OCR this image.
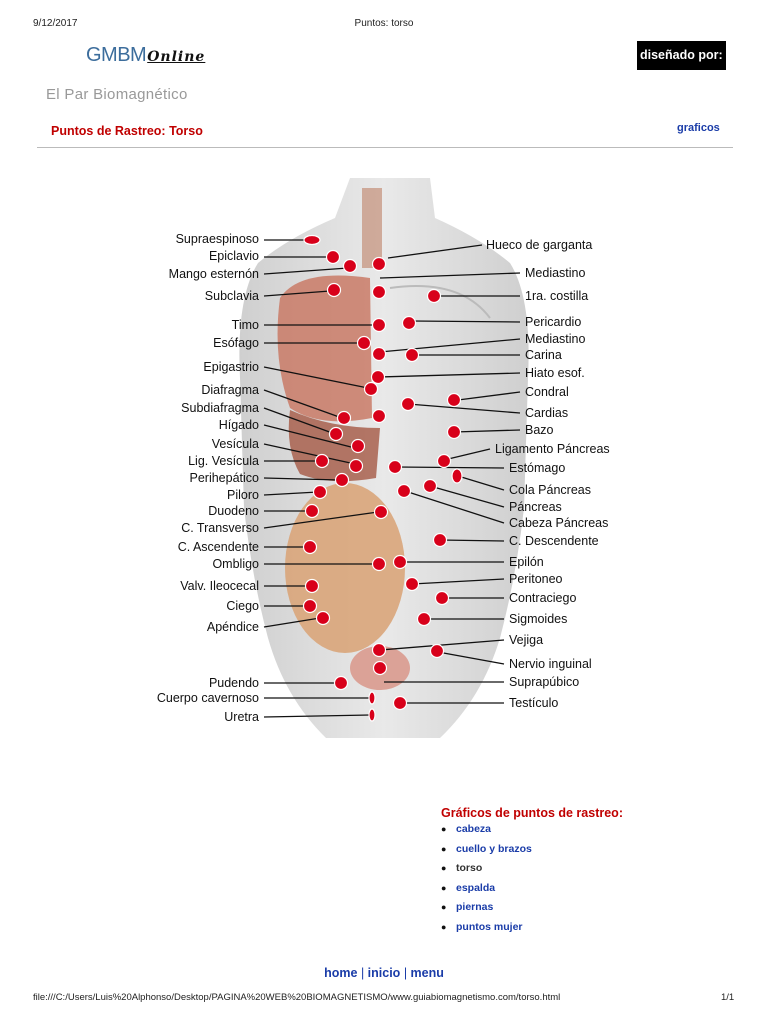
9/12/2017	Puntos: torso
GMBMOnline	diseñado por:
El Par Biomagnético
Puntos de Rastreo: Torso	graficos
Supraespinoso
Epiclavio
Mango esternón
Subclavia
Timo
Esófago
Epigastrio
Diafragma
Subdiafragma
Hígado
Vesícula
Lig. Vesícula
Perihepático
Piloro
Duodeno
C. Transverso
C. Ascendente
Ombligo
Valv. Ileocecal
Ciego
Apéndice
Pudendo
Cuerpo cavernoso
Uretra
Hueco de garganta
Mediastino
1ra. costilla
Pericardio
Mediastino
Carina
Hiato esof.
Condral
Cardias
Bazo
Ligamento Páncreas
Estómago
Cola Páncreas
Páncreas
Cabeza Páncreas
C. Descendente
Epilón
Peritoneo
Contraciego
Sigmoides
Vejiga
Nervio inguinal
Suprapúbico
Testículo
Gráficos de puntos de rastreo:
● cabeza
● cuello y brazos
● torso
● espalda
● piernas
● puntos mujer
home | inicio | menu
file:///C:/Users/Luis%20Alphonso/Desktop/PAGINA%20WEB%20BIOMAGNETISMO/www.guiabiomagnetismo.com/torso.html	1/1
